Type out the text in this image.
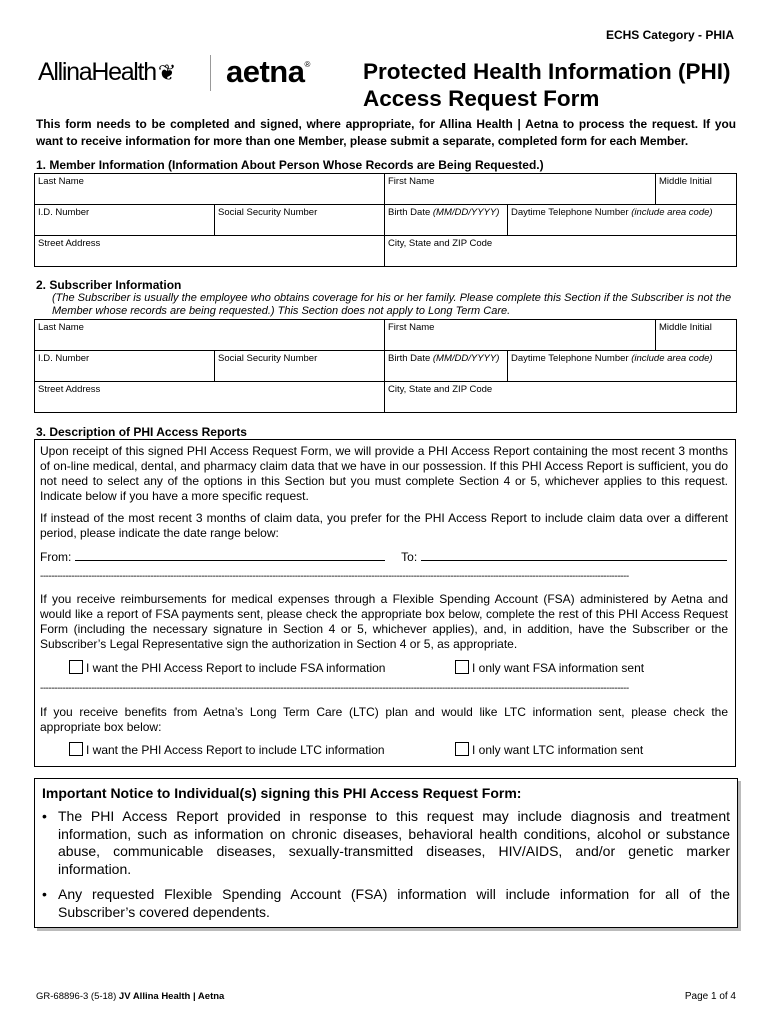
ECHS Category - PHIA
AllinaHealth❦ aetna® Protected Health Information (PHI)
Access Request Form
This form needs to be completed and signed, where appropriate, for Allina Health | Aetna to process the request. If you want to receive information for more than one Member, please submit a separate, completed form for each Member.
1. Member Information (Information About Person Whose Records are Being Requested.)
Last Name		First Name		Middle Initial
I.D. Number	Social Security Number	Birth Date (MM/DD/YYYY)	Daytime Telephone Number (include area code)	
Street Address		City, State and ZIP Code		
2. Subscriber Information
(The Subscriber is usually the employee who obtains coverage for his or her family. Please complete this Section if the Subscriber is not the Member whose records are being requested.) This Section does not apply to Long Term Care.
Last Name		First Name		Middle Initial
I.D. Number	Social Security Number	Birth Date (MM/DD/YYYY)	Daytime Telephone Number (include area code)	
Street Address		City, State and ZIP Code		
3. Description of PHI Access Reports
Upon receipt of this signed PHI Access Request Form, we will provide a PHI Access Report containing the most recent 3 months of on-line medical, dental, and pharmacy claim data that we have in our possession. If this PHI Access Report is sufficient, you do not need to select any of the options in this Section but you must complete Section 4 or 5, whichever applies to this request. Indicate below if you have a more specific request.
If instead of the most recent 3 months of claim data, you prefer for the PHI Access Report to include claim data over a different period, please indicate the date range below:
From:	To:
----------------------------------------------------------------------------------------------------------------------------------------------------------------------------------------------------------------
If you receive reimbursements for medical expenses through a Flexible Spending Account (FSA) administered by Aetna and would like a report of FSA payments sent, please check the appropriate box below, complete the rest of this PHI Access Request Form (including the necessary signature in Section 4 or 5, whichever applies), and, in addition, have the Subscriber or the Subscriber’s Legal Representative sign the authorization in Section 4 or 5, as appropriate.
I want the PHI Access Report to include FSA information	I only want FSA information sent
----------------------------------------------------------------------------------------------------------------------------------------------------------------------------------------------------------------
If you receive benefits from Aetna’s Long Term Care (LTC) plan and would like LTC information sent, please check the appropriate box below:
I want the PHI Access Report to include LTC information	I only want LTC information sent
Important Notice to Individual(s) signing this PHI Access Request Form:
• The PHI Access Report provided in response to this request may include diagnosis and treatment information, such as information on chronic diseases, behavioral health conditions, alcohol or substance abuse, communicable diseases, sexually-transmitted diseases, HIV/AIDS, and/or genetic marker information.
• Any requested Flexible Spending Account (FSA) information will include information for all of the Subscriber’s covered dependents.
GR-68896-3 (5-18) JV Allina Health | Aetna	Page 1 of 4
